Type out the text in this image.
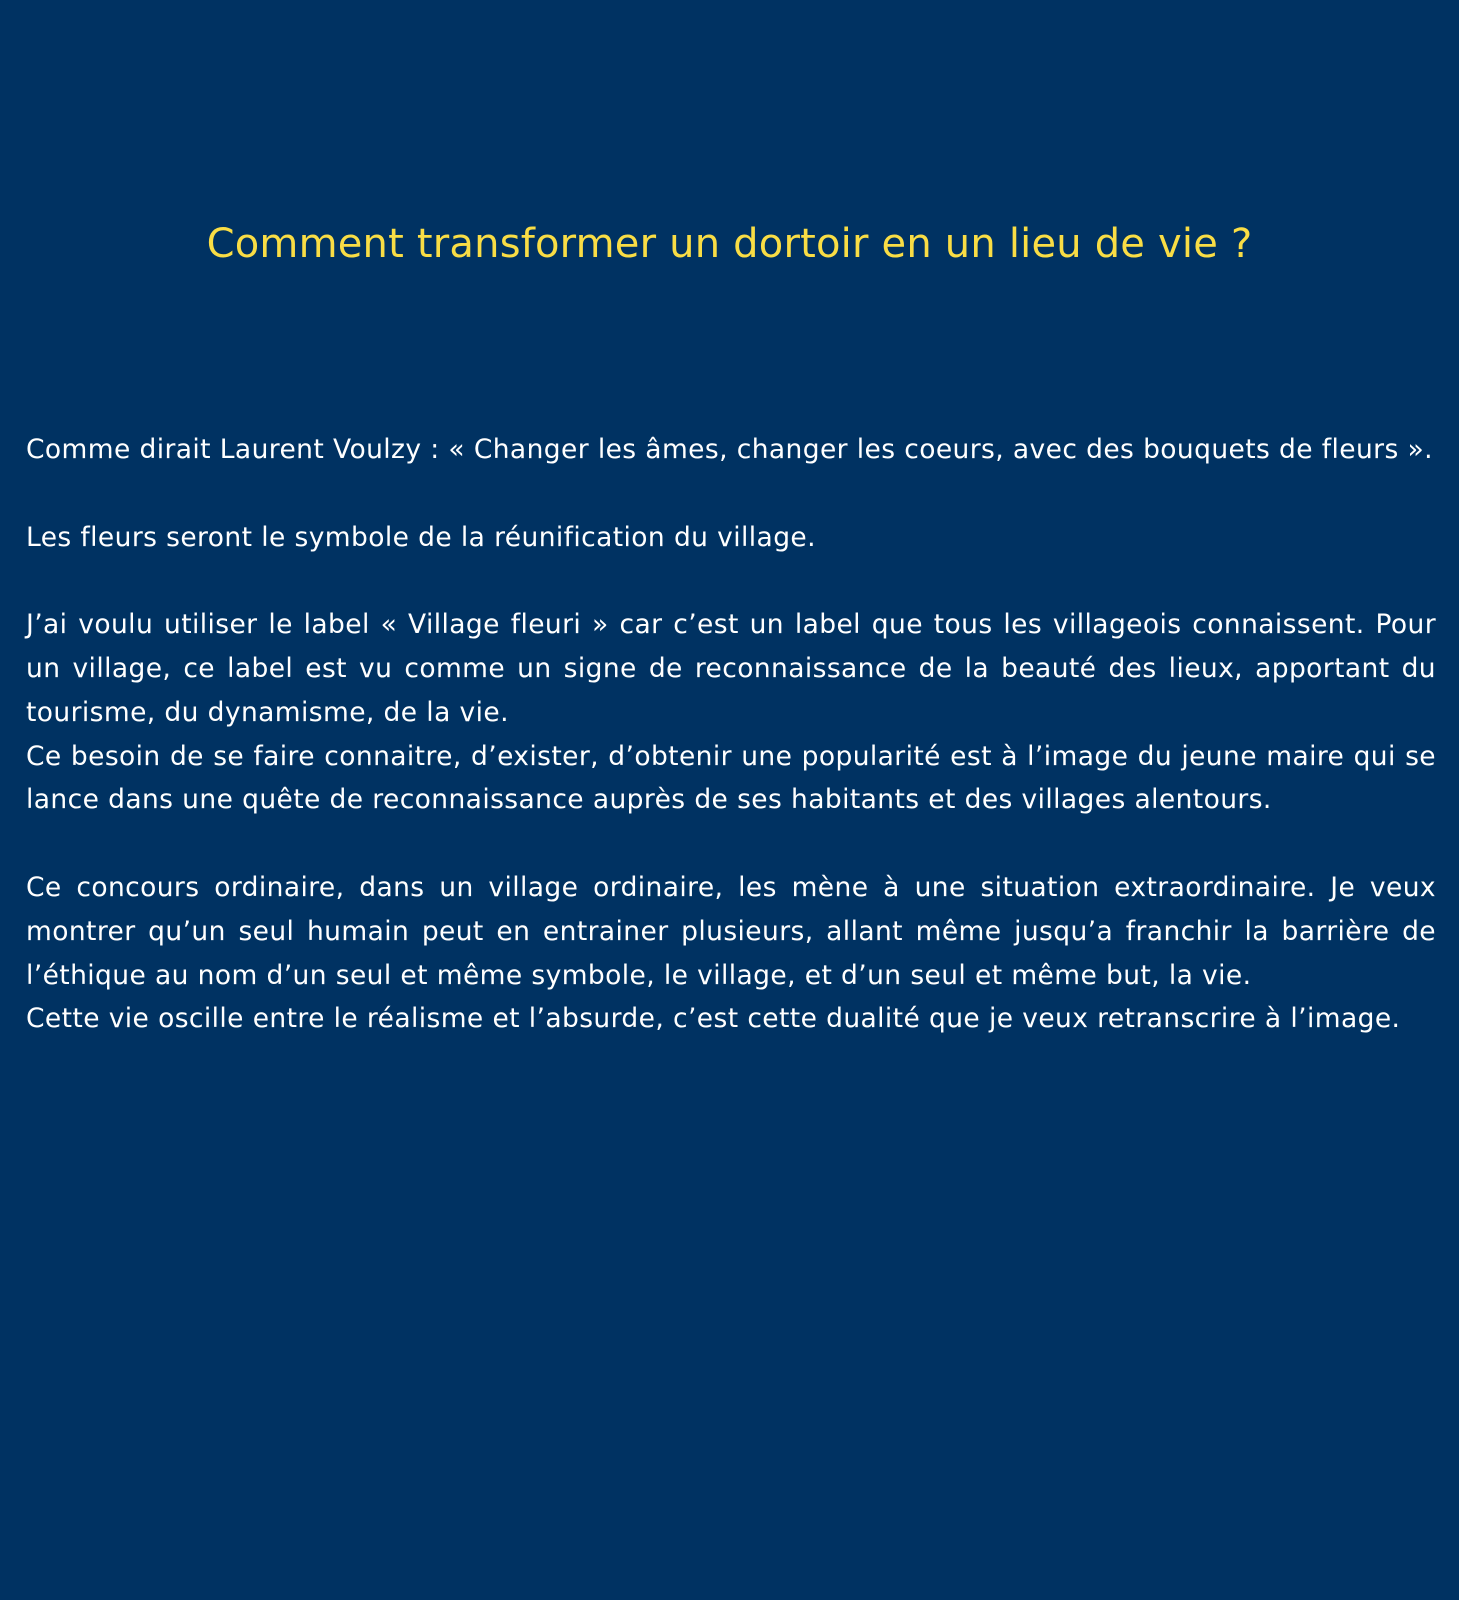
Comment transformer un dortoir en un lieu de vie ?

Comme dirait Laurent Voulzy : « Changer les âmes, changer les coeurs, avec des bouquets de fleurs ».

Les fleurs seront le symbole de la réunification du village.

J’ai voulu utiliser le label « Village fleuri » car c’est un label que tous les villageois connaissent. Pour un village, ce label est vu comme un signe de reconnaissance de la beauté des lieux, apportant du tourisme, du dynamisme, de la vie.

Ce besoin de se faire connaitre, d’exister, d’obtenir une popularité est à l’image du jeune maire qui se lance dans une quête de reconnaissance auprès de ses habitants et des villages alentours.

Ce concours ordinaire, dans un village ordinaire, les mène à une situation extraordinaire. Je veux montrer qu’un seul humain peut en entrainer plusieurs, allant même jusqu’a franchir la barrière de l’éthique au nom d’un seul et même symbole, le village, et d’un seul et même but, la vie.

Cette vie oscille entre le réalisme et l’absurde, c’est cette dualité que je veux retranscrire à l’image.
